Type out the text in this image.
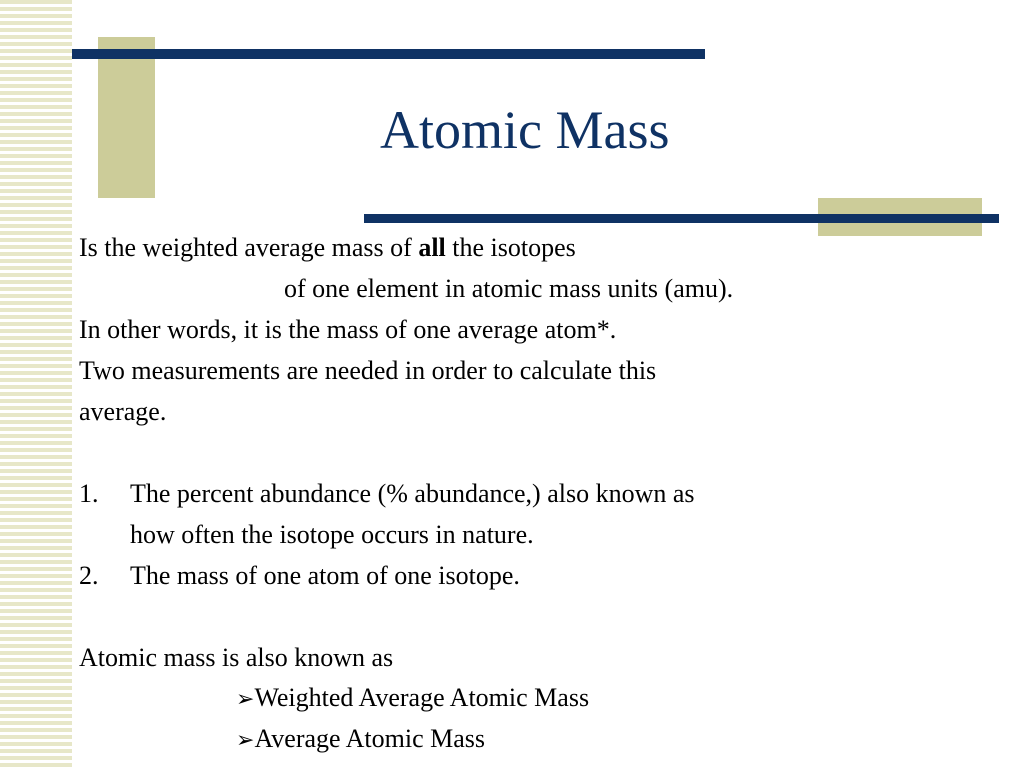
Atomic Mass
Is the weighted average mass of all the isotopes
of one element in atomic mass units (amu).
In other words, it is the mass of one average atom*.
Two measurements are needed in order to calculate this
average.
1. The percent abundance (% abundance,) also known as
how often the isotope occurs in nature.
2. The mass of one atom of one isotope.
Atomic mass is also known as
➢Weighted Average Atomic Mass
➢Average Atomic Mass
